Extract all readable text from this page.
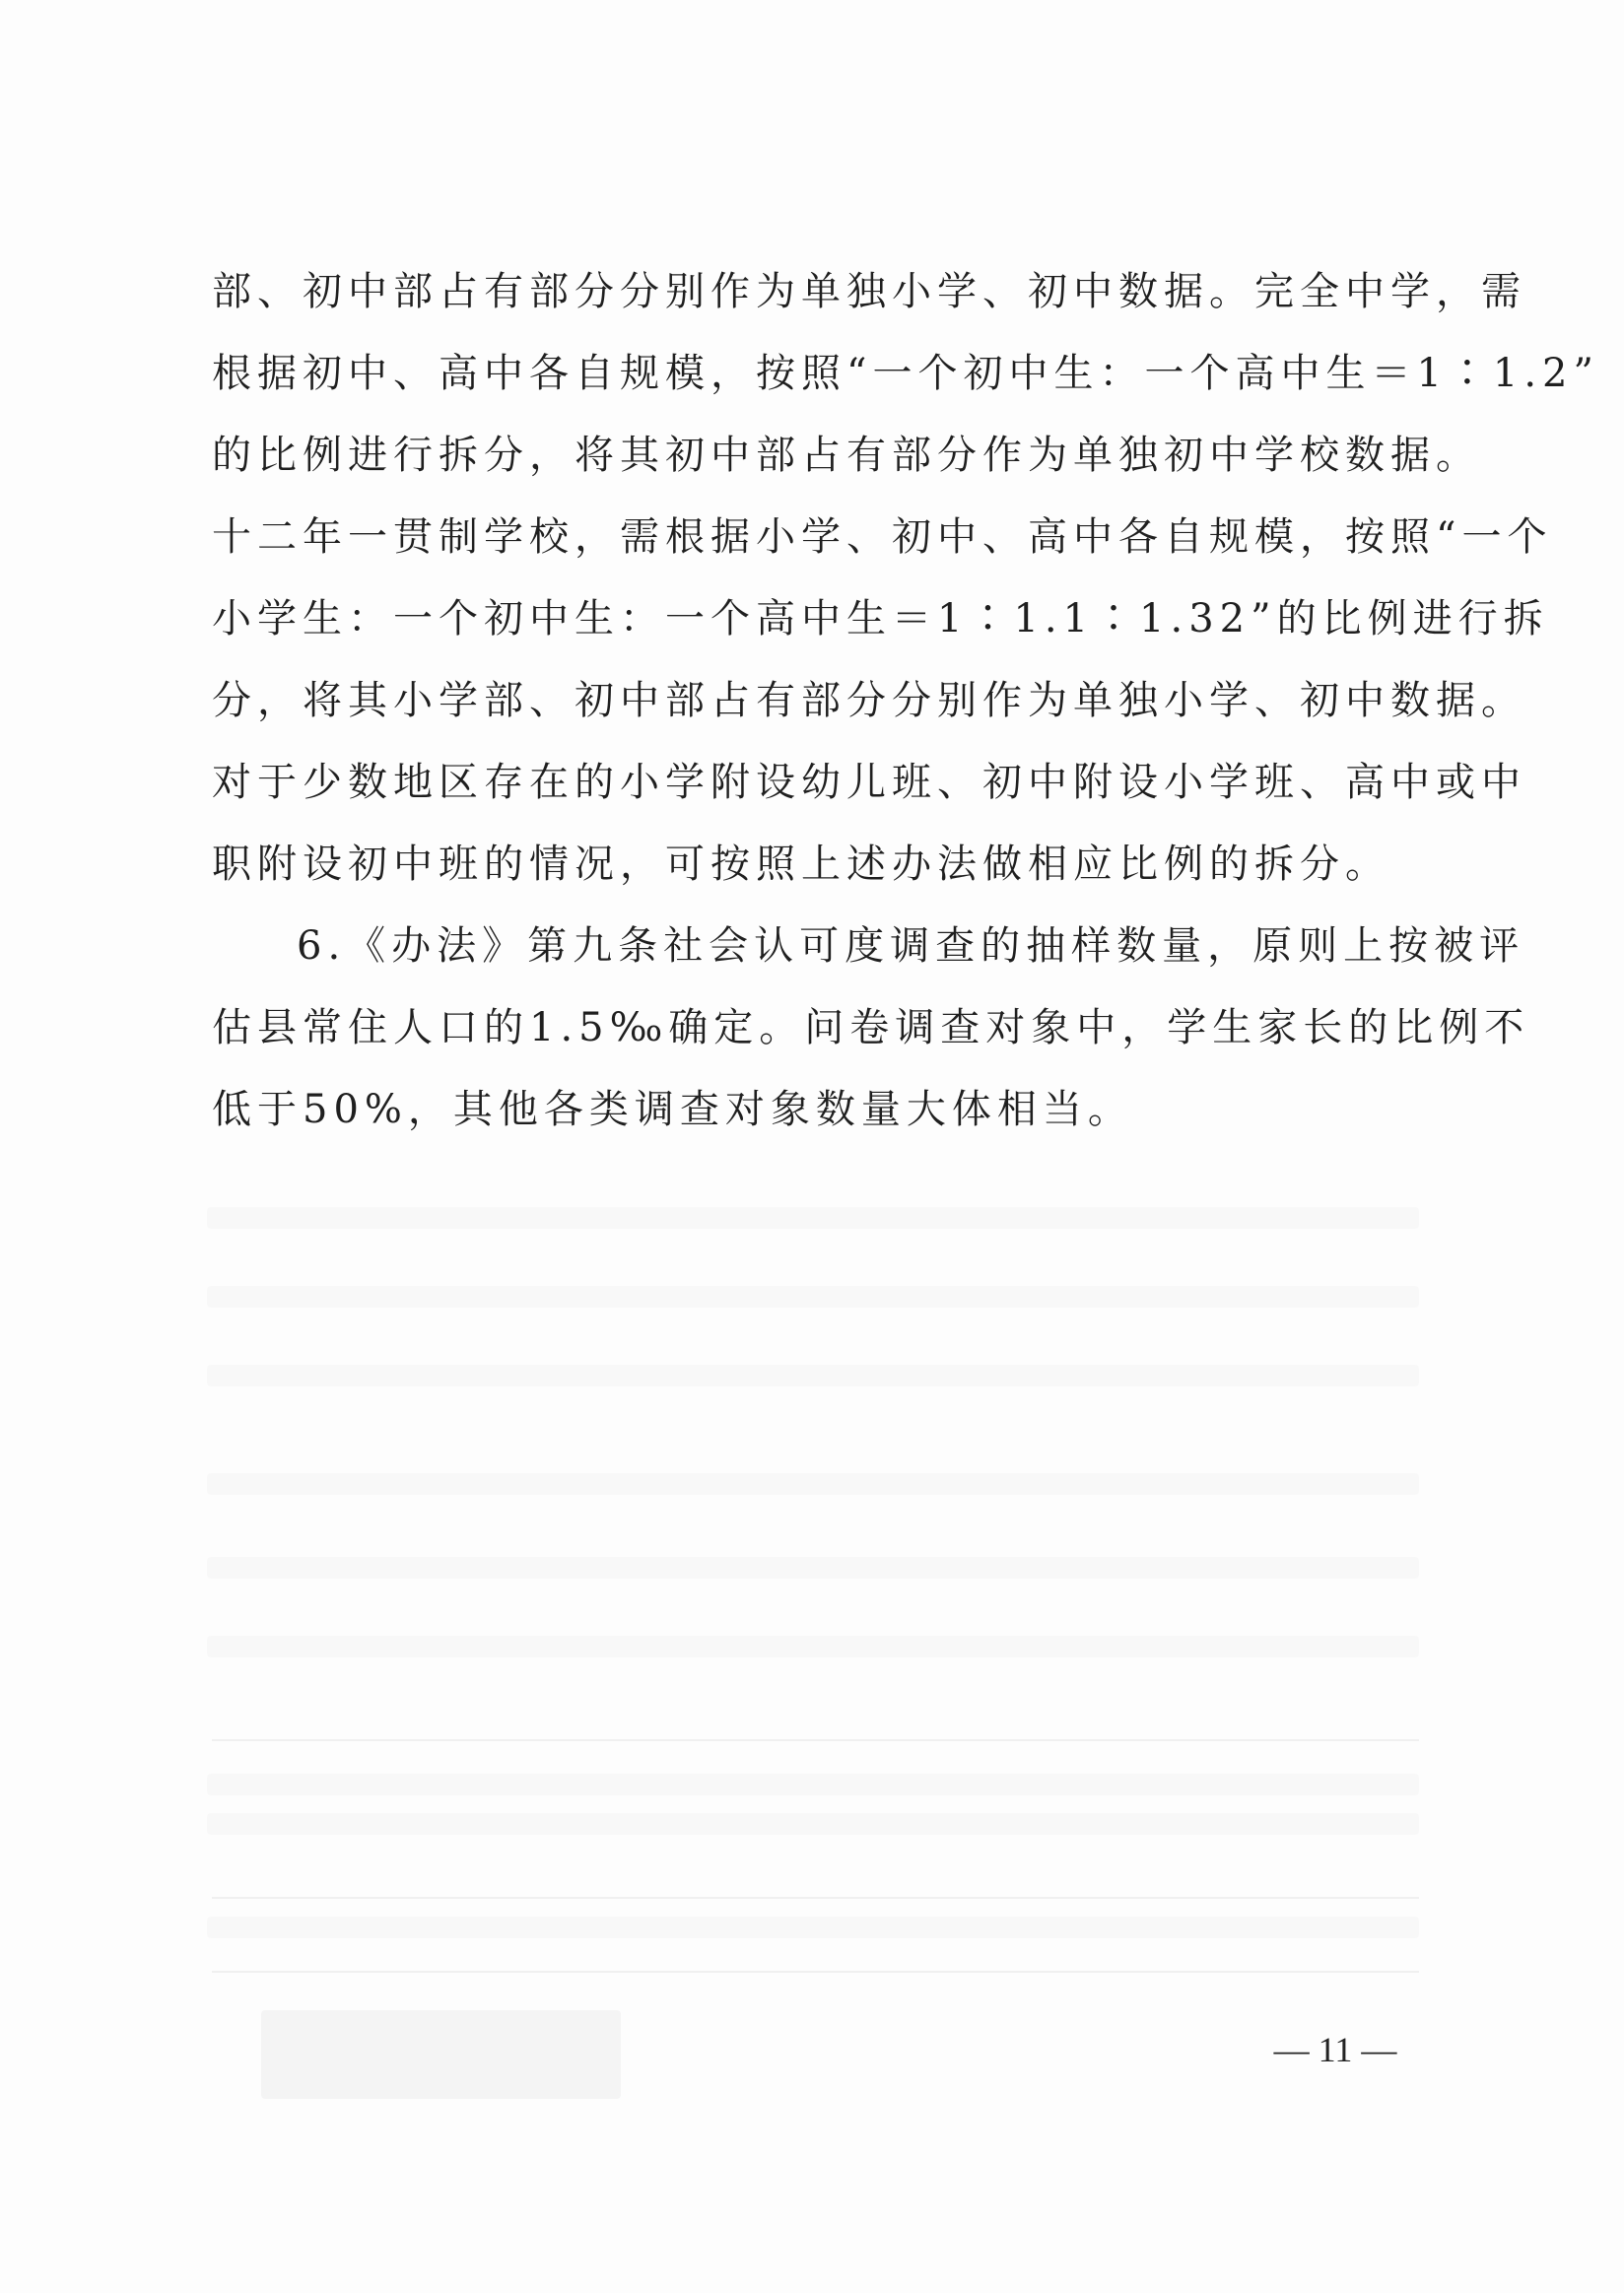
部、初中部占有部分分别作为单独小学、初中数据。完全中学，需
根据初中、高中各自规模，按照“一个初中生：一个高中生＝1∶1.2”
的比例进行拆分，将其初中部占有部分作为单独初中学校数据。
十二年一贯制学校，需根据小学、初中、高中各自规模，按照“一个
小学生：一个初中生：一个高中生＝1∶1.1∶1.32”的比例进行拆
分，将其小学部、初中部占有部分分别作为单独小学、初中数据。
对于少数地区存在的小学附设幼儿班、初中附设小学班、高中或中
职附设初中班的情况，可按照上述办法做相应比例的拆分。
6.《办法》第九条社会认可度调查的抽样数量，原则上按被评
估县常住人口的1.5‰确定。问卷调查对象中，学生家长的比例不
低于50%，其他各类调查对象数量大体相当。
— 11 —
